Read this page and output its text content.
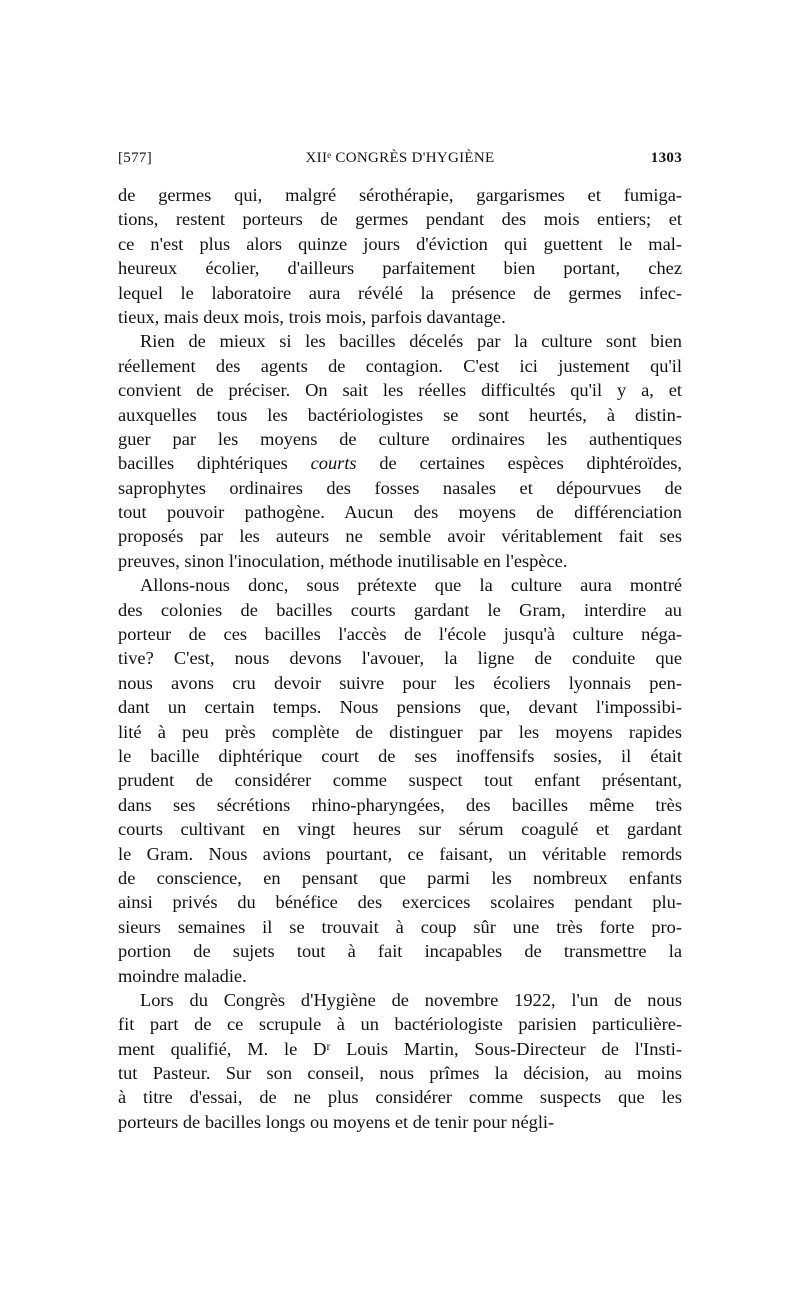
[577]	XIIᵉ CONGRÈS D'HYGIÈNE	1303
de germes qui, malgré sérothérapie, gargarismes et fumiga-
tions, restent porteurs de germes pendant des mois entiers; et
ce n'est plus alors quinze jours d'éviction qui guettent le mal-
heureux écolier, d'ailleurs parfaitement bien portant, chez
lequel le laboratoire aura révélé la présence de germes infec-
tieux, mais deux mois, trois mois, parfois davantage.
Rien de mieux si les bacilles décelés par la culture sont bien
réellement des agents de contagion. C'est ici justement qu'il
convient de préciser. On sait les réelles difficultés qu'il y a, et
auxquelles tous les bactériologistes se sont heurtés, à distin-
guer par les moyens de culture ordinaires les authentiques
bacilles diphtériques courts de certaines espèces diphtéroïdes,
saprophytes ordinaires des fosses nasales et dépourvues de
tout pouvoir pathogène. Aucun des moyens de différenciation
proposés par les auteurs ne semble avoir véritablement fait ses
preuves, sinon l'inoculation, méthode inutilisable en l'espèce.
Allons-nous donc, sous prétexte que la culture aura montré
des colonies de bacilles courts gardant le Gram, interdire au
porteur de ces bacilles l'accès de l'école jusqu'à culture néga-
tive? C'est, nous devons l'avouer, la ligne de conduite que
nous avons cru devoir suivre pour les écoliers lyonnais pen-
dant un certain temps. Nous pensions que, devant l'impossibi-
lité à peu près complète de distinguer par les moyens rapides
le bacille diphtérique court de ses inoffensifs sosies, il était
prudent de considérer comme suspect tout enfant présentant,
dans ses sécrétions rhino-pharyngées, des bacilles même très
courts cultivant en vingt heures sur sérum coagulé et gardant
le Gram. Nous avions pourtant, ce faisant, un véritable remords
de conscience, en pensant que parmi les nombreux enfants
ainsi privés du bénéfice des exercices scolaires pendant plu-
sieurs semaines il se trouvait à coup sûr une très forte pro-
portion de sujets tout à fait incapables de transmettre la
moindre maladie.
Lors du Congrès d'Hygiène de novembre 1922, l'un de nous
fit part de ce scrupule à un bactériologiste parisien particulière-
ment qualifié, M. le Dʳ Louis Martin, Sous-Directeur de l'Insti-
tut Pasteur. Sur son conseil, nous prîmes la décision, au moins
à titre d'essai, de ne plus considérer comme suspects que les
porteurs de bacilles longs ou moyens et de tenir pour négli-
